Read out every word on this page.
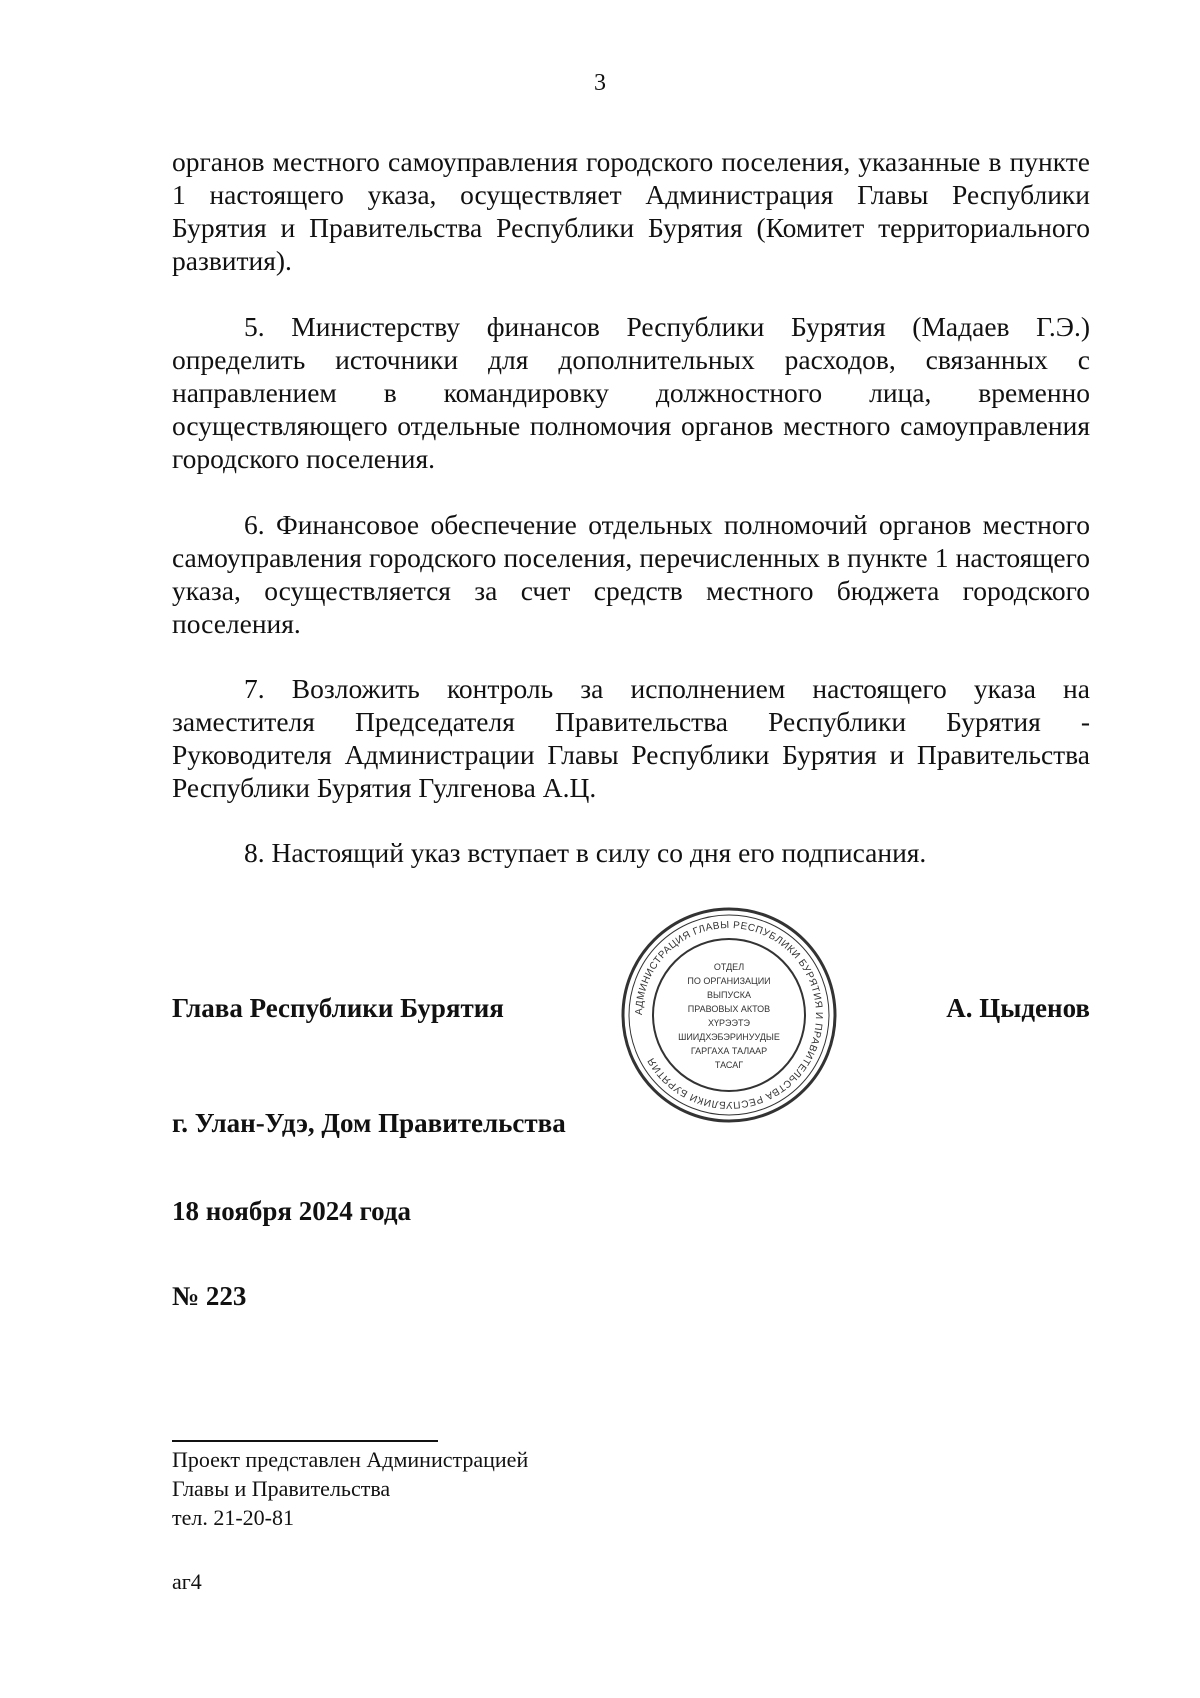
3

органов местного самоуправления городского поселения, указанные в пункте 1 настоящего указа, осуществляет Администрация Главы Республики Бурятия и Правительства Республики Бурятия (Комитет территориального развития).

5. Министерству финансов Республики Бурятия (Мадаев Г.Э.) определить источники для дополнительных расходов, связанных с направлением в командировку должностного лица, временно осуществляющего отдельные полномочия органов местного самоуправления городского поселения.

6. Финансовое обеспечение отдельных полномочий органов местного самоуправления городского поселения, перечисленных в пункте 1 настоящего указа, осуществляется за счет средств местного бюджета городского поселения.

7. Возложить контроль за исполнением настоящего указа на заместителя Председателя Правительства Республики Бурятия - Руководителя Администрации Главы Республики Бурятия и Правительства Республики Бурятия Гулгенова А.Ц.

8. Настоящий указ вступает в силу со дня его подписания.

АДМИНИСТРАЦИЯ ГЛАВЫ РЕСПУБЛИКИ БУРЯТИЯ И ПРАВИТЕЛЬСТВА РЕСПУБЛИКИ БУРЯТИЯ
ОТДЕЛ
ПО ОРГАНИЗАЦИИ
ВЫПУСКА
ПРАВОВЫХ АКТОВ
ХҮРЭЭТЭ
ШИИДХЭБЭРИНУУДЫЕ
ГАРГАХА ТАЛААР
ТАСАГ
Глава Республики Бурятия	А. Цыденов
г. Улан-Удэ, Дом Правительства
18 ноября 2024 года
№ 223
Проект представлен Администрацией
Главы и Правительства
тел. 21-20-81
аг4
